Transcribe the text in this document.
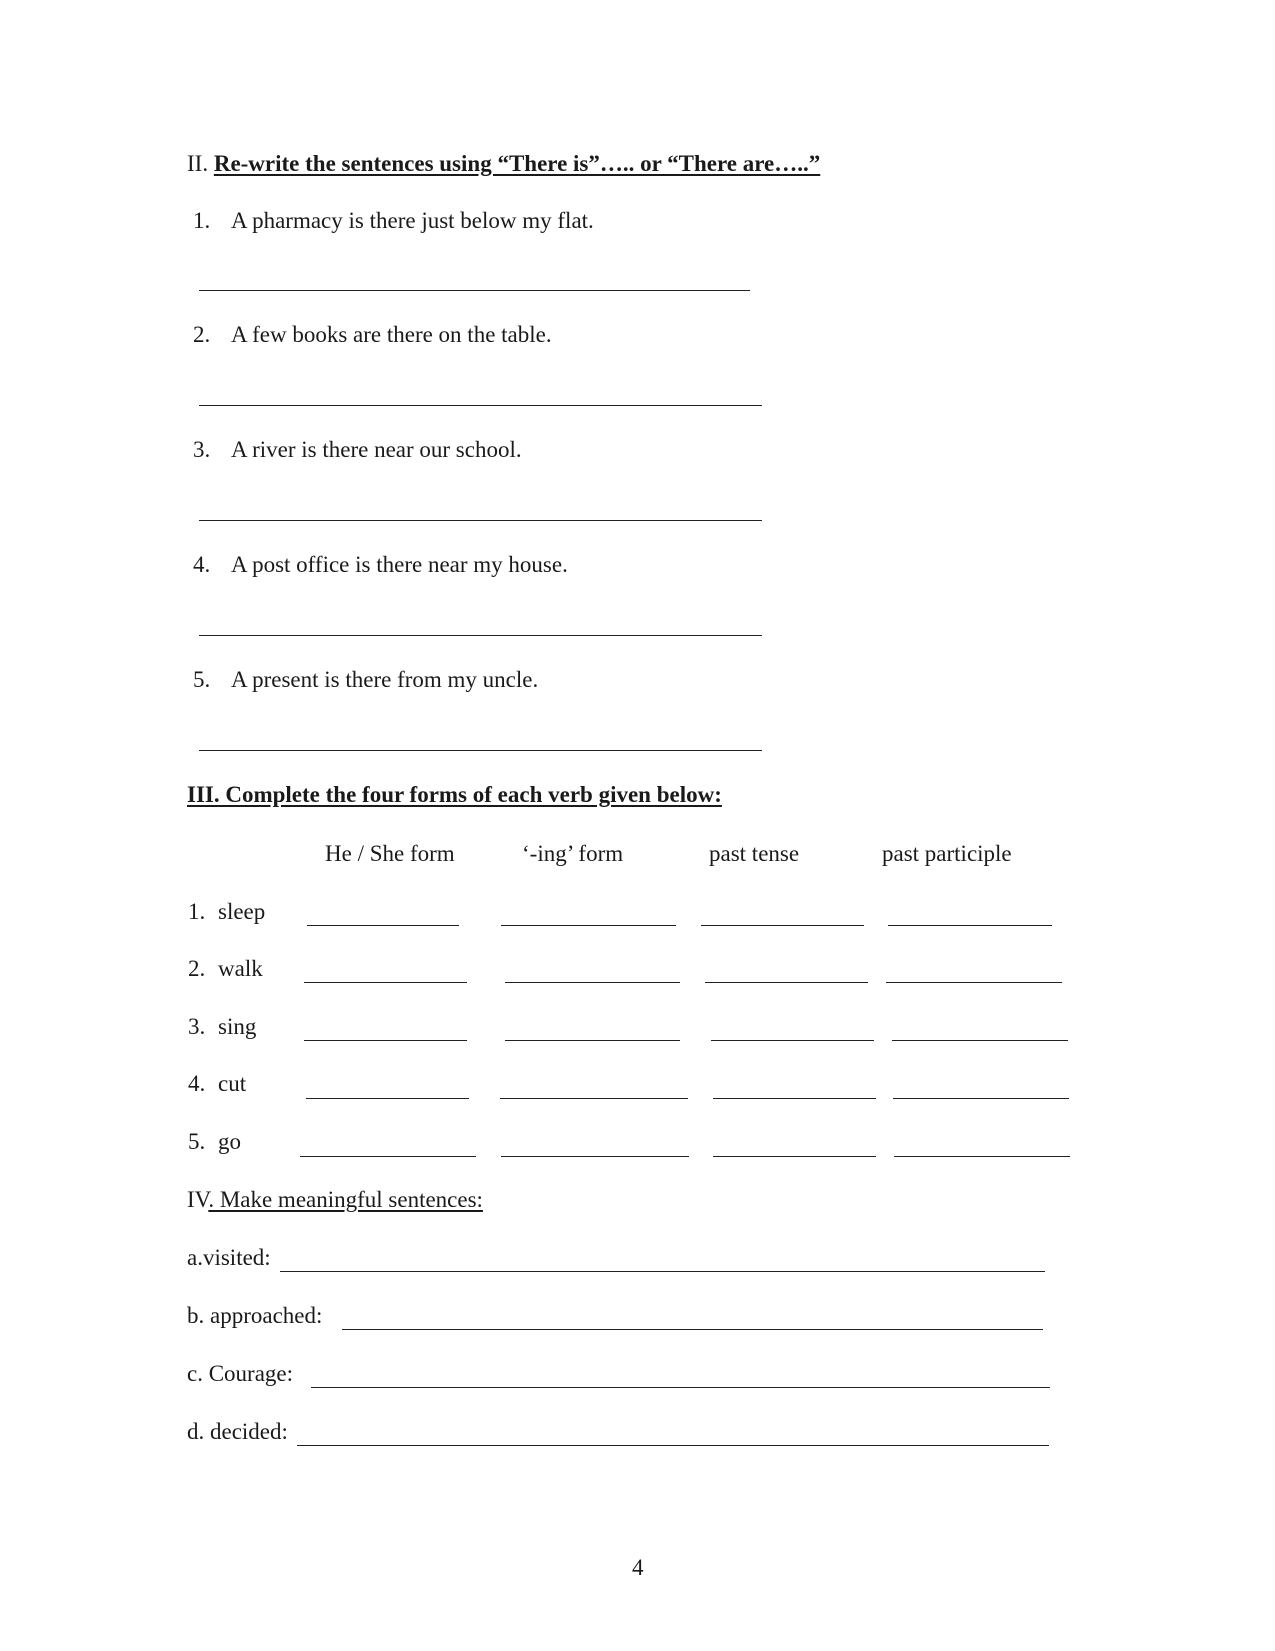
II. Re-write the sentences using “There is”….. or “There are…..”
1. A pharmacy is there just below my flat.
2. A few books are there on the table.
3. A river is there near our school.
4. A post office is there near my house.
5. A present is there from my uncle.
III. Complete the four forms of each verb given below:
He / She form	‘-ing’ form	past tense	past participle
1. sleep
2. walk
3. sing
4. cut
5. go
IV. Make meaningful sentences:
a.visited:
b. approached:
c. Courage:
d. decided:
4
